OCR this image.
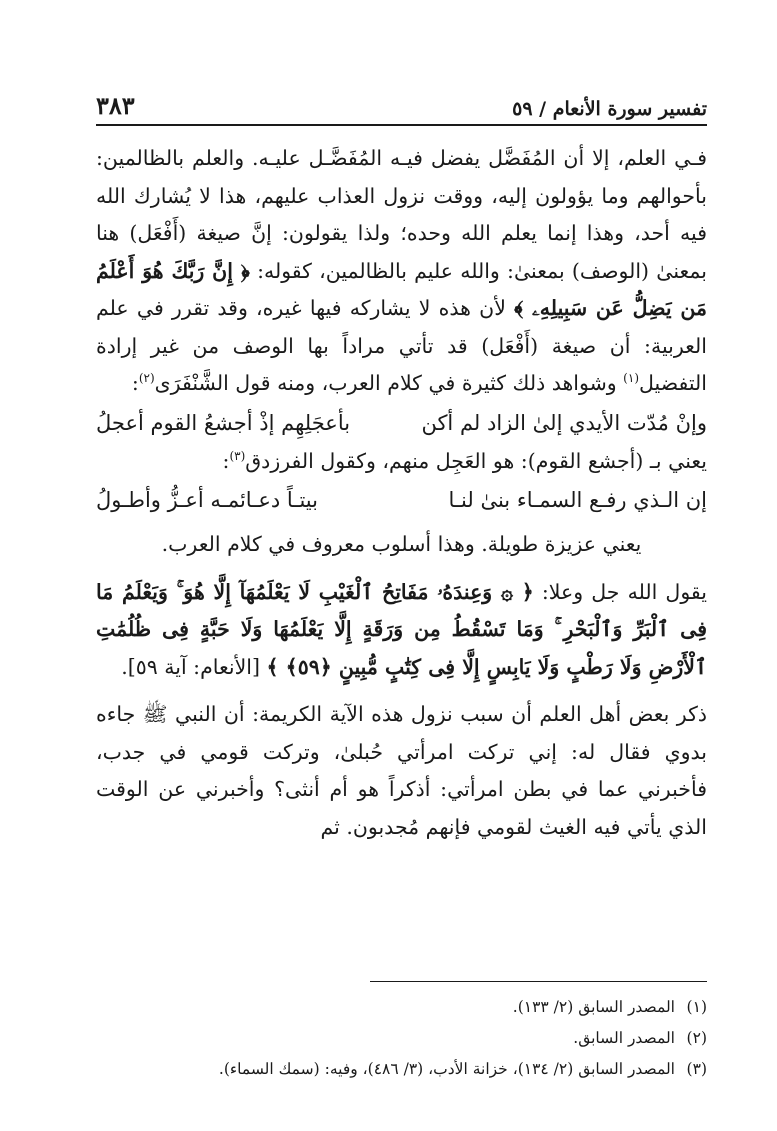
تفسير سورة الأنعام / ٥٩
٣٨٣

فـي العلم، إلا أن المُفَضَّل يفضل فيـه المُفَضَّـل عليـه. والعلم بالظالمين: بأحوالهم وما يؤولون إليه، ووقت نزول العذاب عليهم، هذا لا يُشارك الله فيه أحد، وهذا إنما يعلم الله وحده؛ ولذا يقولون: إنَّ صيغة (أَفْعَل) هنا بمعنىٰ (الوصف) بمعنىٰ: والله عليم بالظالمين، كقوله: ﴿ إِنَّ رَبَّكَ هُوَ أَعْلَمُ مَن يَضِلُّ عَن سَبِيلِهِۦ ﴾ لأن هذه لا يشاركه فيها غيره، وقد تقرر في علم العربية: أن صيغة (أَفْعَل) قد تأتي مراداً بها الوصف من غير إرادة التفضيل$^{(١)}$ وشواهد ذلك كثيرة في كلام العرب، ومنه قول الشَّنْفَرَى$^{(٢)}$:

وإنْ مُدّت الأيدي إلىٰ الزاد لم أكن
بأعجَلِهِم إذْ أجشعُ القوم أعجلُ

يعني بـ (أجشع القوم): هو العَجِل منهم، وكقول الفرزدق$^{(٣)}$:

إن الـذي رفـع السمـاء بنىٰ لنـا
بيتـاً دعـائمـه أعـزُّ وأطـولُ

يعني عزيزة طويلة. وهذا أسلوب معروف في كلام العرب.

يقول الله جل وعلا: ﴿ ۞ وَعِندَهُۥ مَفَاتِحُ ٱلْغَيْبِ لَا يَعْلَمُهَآ إِلَّا هُوَ ۚ وَيَعْلَمُ مَا فِى ٱلْبَرِّ وَٱلْبَحْرِ ۚ وَمَا تَسْقُطُ مِن وَرَقَةٍ إِلَّا يَعْلَمُهَا وَلَا حَبَّةٍ فِى ظُلُمَٰتِ ٱلْأَرْضِ وَلَا رَطْبٍ وَلَا يَابِسٍ إِلَّا فِى كِتَٰبٍ مُّبِينٍ ﴿٥٩﴾ ﴾ [الأنعام: آية ٥٩].

ذكر بعض أهل العلم أن سبب نزول هذه الآية الكريمة: أن النبي ﷺ جاءه بدوي فقال له: إني تركت امرأتي حُبلىٰ، وتركت قومي في جدب، فأخبرني عما في بطن امرأتي: أذكراً هو أم أنثى؟ وأخبرني عن الوقت الذي يأتي فيه الغيث لقومي فإنهم مُجدبون. ثم

(١)المصدر السابق (٢/ ١٣٣).
(٢)المصدر السابق.
(٣)المصدر السابق (٢/ ١٣٤)، خزانة الأدب، (٣/ ٤٨٦)، وفيه: (سمك السماء).
